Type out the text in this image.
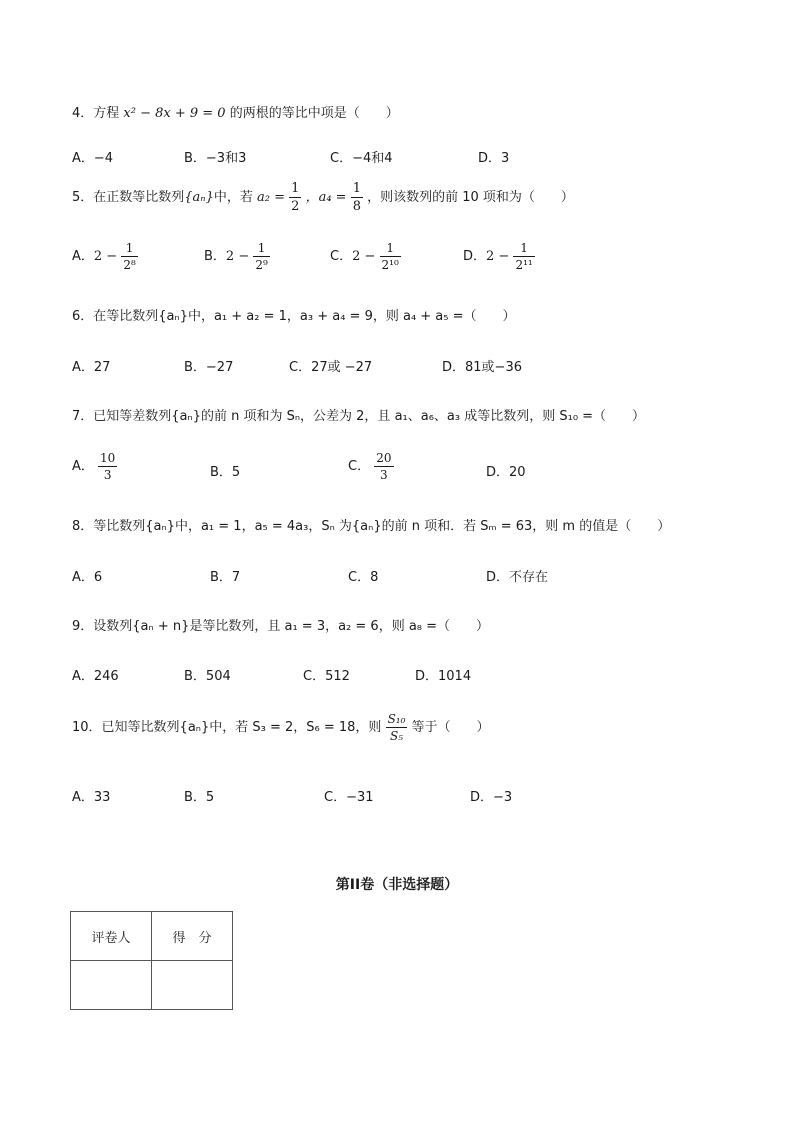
4．方程 x² − 8x + 9 = 0 的两根的等比中项是（　　）
A．−4	B．−3和3	C．−4和4	D．3
5．在正数等比数列{aₙ}中，若 $a_2 = \frac{1}{2}$ ，$a_4 = \frac{1}{8}$ ，则该数列的前 10 项和为（　　）
A．$2 - \frac{1}{\text{2⁸}}$	B．$2 - \frac{1}{\text{2⁹}}$	C．$2 - \frac{1}{\text{2¹⁰}}$	D．$2 - \frac{1}{\text{2¹¹}}$
6．在等比数列{aₙ}中，a₁ + a₂ = 1，a₃ + a₄ = 9，则 a₄ + a₅ =（　　）
A．27	B．−27	C．27或 −27	D．81或−36
7．已知等差数列{aₙ}的前 n 项和为 Sₙ，公差为 2，且 a₁、a₆、a₃ 成等比数列，则 S₁₀ =（　　）
A． $\frac{10}{3}$	B．5	C． $\frac{20}{3}$	D．20
8．等比数列{aₙ}中，a₁ = 1，a₅ = 4a₃，Sₙ 为{aₙ}的前 n 项和．若 Sₘ = 63，则 m 的值是（　　）
A．6	B．7	C．8	D．不存在
9．设数列{aₙ + n}是等比数列，且 a₁ = 3，a₂ = 6，则 a₈ =（　　）
A．246	B．504	C．512	D．1014
10．已知等比数列{aₙ}中，若 S₃ = 2，S₆ = 18，则 $\frac{\text{S₁₀}}{\text{S₅}}$ 等于（　　）
A．33	B．5	C．−31	D．−3
第II卷（非选择题）
评卷人	得　分
